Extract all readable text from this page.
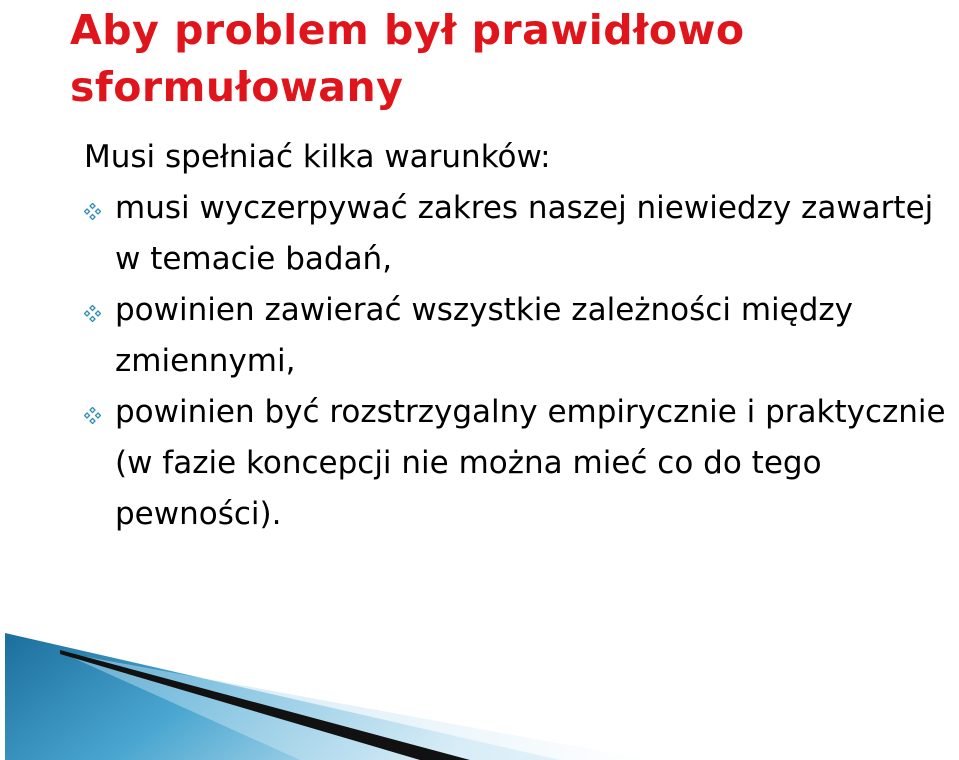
Aby problem był prawidłowo sformułowany

Musi spełniać kilka warunków:

musi wyczerpywać zakres naszej niewiedzy zawartej w temacie badań,
powinien zawierać wszystkie zależności między zmiennymi,
powinien być rozstrzygalny empirycznie i praktycznie (w fazie koncepcji nie można mieć co do tego pewności).
